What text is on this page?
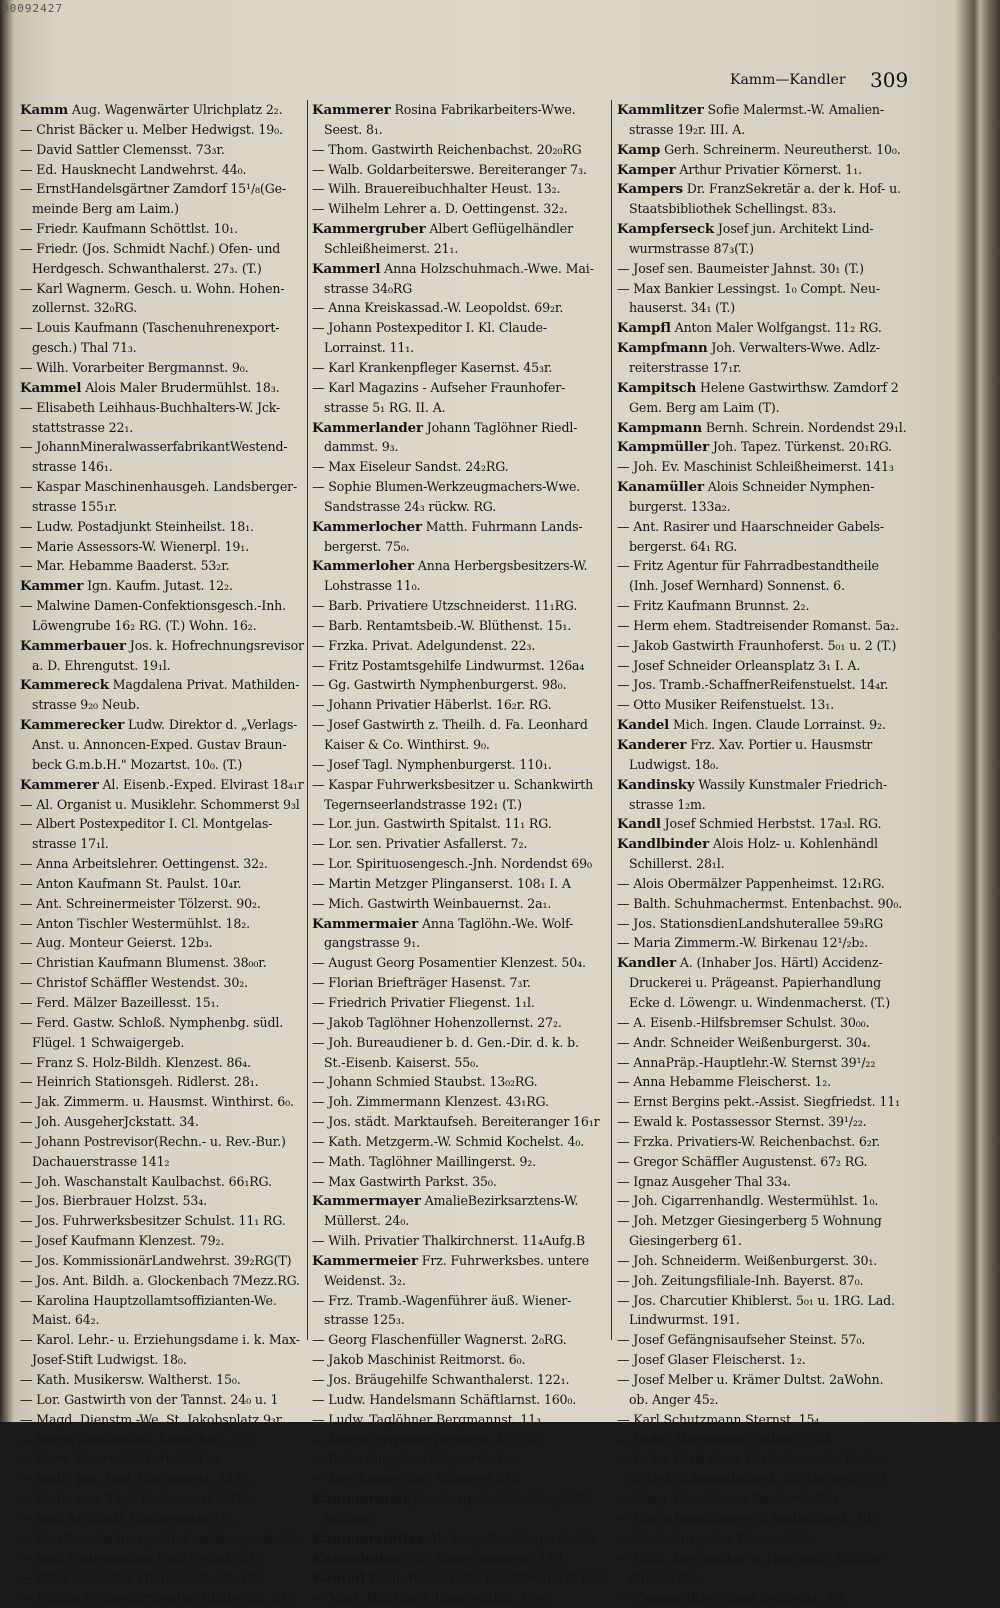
00092427
Kamm—Kandler 309
Kamm Aug. Wagenwärter Ulrichplatz 2₂.
— Christ Bäcker u. Melber Hedwigst. 19₀.
— David Sattler Clemensst. 73₃r.
— Ed. Hausknecht Landwehrst. 44₀.
— ErnstHandelsgärtner Zamdorf 15¹/₈(Ge-
meinde Berg am Laim.)
— Friedr. Kaufmann Schöttlst. 10₁.
— Friedr. (Jos. Schmidt Nachf.) Ofen- und
Herdgesch. Schwanthalerst. 27₃. (T.)
— Karl Wagnerm. Gesch. u. Wohn. Hohen-
zollernst. 32₀RG.
— Louis Kaufmann (Taschenuhrenexport-
gesch.) Thal 71₃.
— Wilh. Vorarbeiter Bergmannst. 9₀.
Kammel Alois Maler Brudermühlst. 18₃.
— Elisabeth Leihhaus-Buchhalters-W. Jck-
stattstrasse 22₁.
— JohannMineralwasserfabrikantWestend-
strasse 146₁.
— Kaspar Maschinenhausgeh. Landsberger-
strasse 155₁r.
— Ludw. Postadjunkt Steinheilst. 18₁.
— Marie Assessors-W. Wienerpl. 19₁.
— Mar. Hebamme Baaderst. 53₂r.
Kammer Ign. Kaufm. Jutast. 12₂.
— Malwine Damen-Confektionsgesch.-Inh.
Löwengrube 16₂ RG. (T.) Wohn. 16₂.
Kammerbauer Jos. k. Hofrechnungsrevisor
a. D. Ehrengutst. 19₁l.
Kammereck Magdalena Privat. Mathilden-
strasse 9₂₀ Neub.
Kammerecker Ludw. Direktor d. „Verlags-
Anst. u. Annoncen-Exped. Gustav Braun-
beck G.m.b.H." Mozartst. 10₀. (T.)
Kammerer Al. Eisenb.-Exped. Elvirast 18₄₁r
— Al. Organist u. Musiklehr. Schommerst 9₃l
— Albert Postexpeditor I. Cl. Montgelas-
strasse 17₁l.
— Anna Arbeitslehrer. Oettingenst. 32₂.
— Anton Kaufmann St. Paulst. 10₄r.
— Ant. Schreinermeister Tölzerst. 90₂.
— Anton Tischler Westermühlst. 18₂.
— Aug. Monteur Geierst. 12b₃.
— Christian Kaufmann Blumenst. 38₀₀r.
— Christof Schäffler Westendst. 30₂.
— Ferd. Mälzer Bazeillesst. 15₁.
— Ferd. Gastw. Schloß. Nymphenbg. südl.
Flügel. 1 Schwaigergeb.
— Franz S. Holz-Bildh. Klenzest. 86₄.
— Heinrich Stationsgeh. Ridlerst. 28₁.
— Jak. Zimmerm. u. Hausmst. Winthirst. 6₀.
— Joh. AusgeherJckstatt. 34.
— Johann Postrevisor(Rechn.- u. Rev.-Bur.)
Dachauerstrasse 141₂
— Joh. Waschanstalt Kaulbachst. 66₁RG.
— Jos. Bierbrauer Holzst. 53₄.
— Jos. Fuhrwerksbesitzer Schulst. 11₁ RG.
— Josef Kaufmann Klenzest. 79₂.
— Jos. KommissionärLandwehrst. 39₂RG(T)
— Jos. Ant. Bildh. a. Glockenbach 7Mezz.RG.
— Karolina Hauptzollamtsoffizianten-We.
Maist. 64₂.
— Karol. Lehr.- u. Erziehungsdame i. k. Max-
Josef-Stift Ludwigst. 18₀.
— Kath. Musikersw. Waltherst. 15₀.
— Lor. Gastwirth von der Tannst. 24₀ u. 1
— Magd. Dienstm.-We. St. Jakobsplatz 9₃r
— Maria Kuttlers-We. Albrechtst. 37₂.
— Mart. Maurer Volkartst. 51₃m.
— Math. jun. Tagl. Dachauerst. 149₁.
— Math. sen. Tagl. Dachauerst. 149₁.
— Max Architekt Rindermarkt 19₂.
— MaxEisenbahnexpedit. Landsbergerst 12₂
— Max Postexpeditor Emil Geißst. 30₂.
— Peter Ausgeher Theresienst. 58₃ RG.
— Philipp Schneidermeister Adalbertst. 21₃.
Kammerer Rosina Fabrikarbeiters-Wwe.
Seest. 8₁.
— Thom. Gastwirth Reichenbachst. 20₂₀RG
— Walb. Goldarbeiterswe. Bereiteranger 7₃.
— Wilh. Brauereibuchhalter Heust. 13₂.
— Wilhelm Lehrer a. D. Oettingenst. 32₂.
Kammergruber Albert Geflügelhändler
Schleißheimerst. 21₁.
Kammerl Anna Holzschuhmach.-Wwe. Mai-
strasse 34₀RG
— Anna Kreiskassad.-W. Leopoldst. 69₂r.
— Johann Postexpeditor I. Kl. Claude-
Lorrainst. 11₁.
— Karl Krankenpfleger Kasernst. 45₃r.
— Karl Magazins - Aufseher Fraunhofer-
strasse 5₁ RG. II. A.
Kammerlander Johann Taglöhner Riedl-
dammst. 9₃.
— Max Eiseleur Sandst. 24₂RG.
— Sophie Blumen-Werkzeugmachers-Wwe.
Sandstrasse 24₃ rückw. RG.
Kammerlocher Matth. Fuhrmann Lands-
bergerst. 75₀.
Kammerloher Anna Herbergsbesitzers-W.
Lohstrasse 11₀.
— Barb. Privatiere Utzschneiderst. 11₁RG.
— Barb. Rentamtsbeib.-W. Blüthenst. 15₁.
— Frzka. Privat. Adelgundenst. 22₃.
— Fritz Postamtsgehilfe Lindwurmst. 126a₄
— Gg. Gastwirth Nymphenburgerst. 98₀.
— Johann Privatier Häberlst. 16₂r. RG.
— Josef Gastwirth z. Theilh. d. Fa. Leonhard
Kaiser & Co. Winthirst. 9₀.
— Josef Tagl. Nymphenburgerst. 110₁.
— Kaspar Fuhrwerksbesitzer u. Schankwirth
Tegernseerlandstrasse 192₁ (T.)
— Lor. jun. Gastwirth Spitalst. 11₁ RG.
— Lor. sen. Privatier Asfallerst. 7₂.
— Lor. Spirituosengesch.-Jnh. Nordendst 69₀
— Martin Metzger Plinganserst. 108₁ I. A
— Mich. Gastwirth Weinbauernst. 2a₁.
Kammermaier Anna Taglöhn.-We. Wolf-
gangstrasse 9₁.
— August Georg Posamentier Klenzest. 50₄.
— Florian Briefträger Hasenst. 7₃r.
— Friedrich Privatier Fliegenst. 1₁l.
— Jakob Taglöhner Hohenzollernst. 27₂.
— Joh. Bureaudiener b. d. Gen.-Dir. d. k. b.
St.-Eisenb. Kaiserst. 55₀.
— Johann Schmied Staubst. 13₀₂RG.
— Joh. Zimmermann Klenzest. 43₁RG.
— Jos. städt. Marktaufseh. Bereiteranger 16₁r
— Kath. Metzgerm.-W. Schmid Kochelst. 4₀.
— Math. Taglöhner Maillingerst. 9₂.
— Max Gastwirth Parkst. 35₀.
Kammermayer AmalieBezirksarztens-W.
Müllerst. 24₀.
— Wilh. Privatier Thalkirchnerst. 11₄Aufg.B
Kammermeier Frz. Fuhrwerksbes. untere
Weidenst. 3₂.
— Frz. Tramb.-Wagenführer äuß. Wiener-
strasse 125₃.
— Georg Flaschenfüller Wagnerst. 2₀RG.
— Jakob Maschinist Reitmorst. 6₀.
— Jos. Bräugehilfe Schwanthalerst. 122₁.
— Ludw. Handelsmann Schäftlarnst. 160₀.
— Ludw. Taglöhner Bergmannst. 11₃.
— Martin Privatier Pariserst. 43₁ RG.
— Peter Ausgeher Wagnerst. 4₃r.
— Xav. Krämer inn. Wienerst 21₀.
Kammermeir Jos. AusgeherSchellingst 38₁
Mittelg.
Kammerstetter Al. Ausg. Senblingerst. 55₄.
Kammhuber Joh. Säger Senserst. 12₁l.
Kamml Kasp. Wagenputz. Landsbergerst 155₁
— Mart. Hausmstr. Jägerwirthst. 15₀₀.
Kammlitzer Sofie Malermst.-W. Amalien-
strasse 19₂r. III. A.
Kamp Gerh. Schreinerm. Neureutherst. 10₀.
Kamper Arthur Privatier Körnerst. 1₁.
Kampers Dr. FranzSekretär a. der k. Hof- u.
Staatsbibliothek Schellingst. 83₃.
Kampferseck Josef jun. Architekt Lind-
wurmstrasse 87₃(T.)
— Josef sen. Baumeister Jahnst. 30₁ (T.)
— Max Bankier Lessingst. 1₀ Compt. Neu-
hauserst. 34₁ (T.)
Kampfl Anton Maler Wolfgangst. 11₂ RG.
Kampfmann Joh. Verwalters-Wwe. Adlz-
reiterstrasse 17₁r.
Kampitsch Helene Gastwirthsw. Zamdorf 2
Gem. Berg am Laim (T).
Kampmann Bernh. Schrein. Nordendst 29₁l.
Kampmüller Joh. Tapez. Türkenst. 20₁RG.
— Joh. Ev. Maschinist Schleißheimerst. 141₃
Kanamüller Alois Schneider Nymphen-
burgerst. 133a₂.
— Ant. Rasirer und Haarschneider Gabels-
bergerst. 64₁ RG.
— Fritz Agentur für Fahrradbestandtheile
(Inh. Josef Wernhard) Sonnenst. 6.
— Fritz Kaufmann Brunnst. 2₂.
— Herm ehem. Stadtreisender Romanst. 5a₂.
— Jakob Gastwirth Fraunhoferst. 5₀₁ u. 2 (T.)
— Josef Schneider Orleansplatz 3₁ I. A.
— Jos. Tramb.-SchaffnerReifenstuelst. 14₄r.
— Otto Musiker Reifenstuelst. 13₁.
Kandel Mich. Ingen. Claude Lorrainst. 9₂.
Kanderer Frz. Xav. Portier u. Hausmstr
Ludwigst. 18₀.
Kandinsky Wassily Kunstmaler Friedrich-
strasse 1₂m.
Kandl Josef Schmied Herbstst. 17a₃l. RG.
Kandlbinder Alois Holz- u. Kohlenhändl
Schillerst. 28₁l.
— Alois Obermälzer Pappenheimst. 12₁RG.
— Balth. Schuhmachermst. Entenbachst. 90₀.
— Jos. StationsdienLandshuterallee 59₃RG
— Maria Zimmerm.-W. Birkenau 12¹/₂b₂.
Kandler A. (Inhaber Jos. Härtl) Accidenz-
Druckerei u. Prägeanst. Papierhandlung
Ecke d. Löwengr. u. Windenmacherst. (T.)
— A. Eisenb.-Hilfsbremser Schulst. 30₀₀.
— Andr. Schneider Weißenburgerst. 30₄.
— AnnaPräp.-Hauptlehr.-W. Sternst 39¹/₂₂
— Anna Hebamme Fleischerst. 1₂.
— Ernst Bergins pekt.-Assist. Siegfriedst. 11₁
— Ewald k. Postassessor Sternst. 39¹/₂₂.
— Frzka. Privatiers-W. Reichenbachst. 6₂r.
— Gregor Schäffler Augustenst. 67₂ RG.
— Ignaz Ausgeher Thal 33₄.
— Joh. Cigarrenhandlg. Westermühlst. 1₀.
— Joh. Metzger Giesingerberg 5 Wohnung
Giesingerberg 61.
— Joh. Schneiderm. Weißenburgerst. 30₁.
— Joh. Zeitungsfiliale-Inh. Bayerst. 87₀.
— Jos. Charcutier Khiblerst. 5₀₁ u. 1RG. Lad.
Lindwurmst. 191.
— Josef Gefängnisaufseher Steinst. 57₀.
— Josef Glaser Fleischerst. 1₂.
— Josef Melber u. Krämer Dultst. 2aWohn.
ob. Anger 45₂.
— Karl Schutzmann Sternst. 15₄.
— Ludw. Magazinier Göthest. 25₄l.
— Ludw. Portrait- u. Historienmaler Wohn.
u. Atel. Schwanthalerst. 86₂ Gartenh. (T.)
— Marg. Conditorsw. Baaderst. 72₄.
— Maria Briefträgers-W. Mathildenst. 10₁.
— Mich. Ausgeher Klenzest. 3₄r.
— Mich. Mechaniker u. Hausmstr. Schiller-
strasse 25₀.
— Thomas Briefträger Sonnenst. 5₃r.
